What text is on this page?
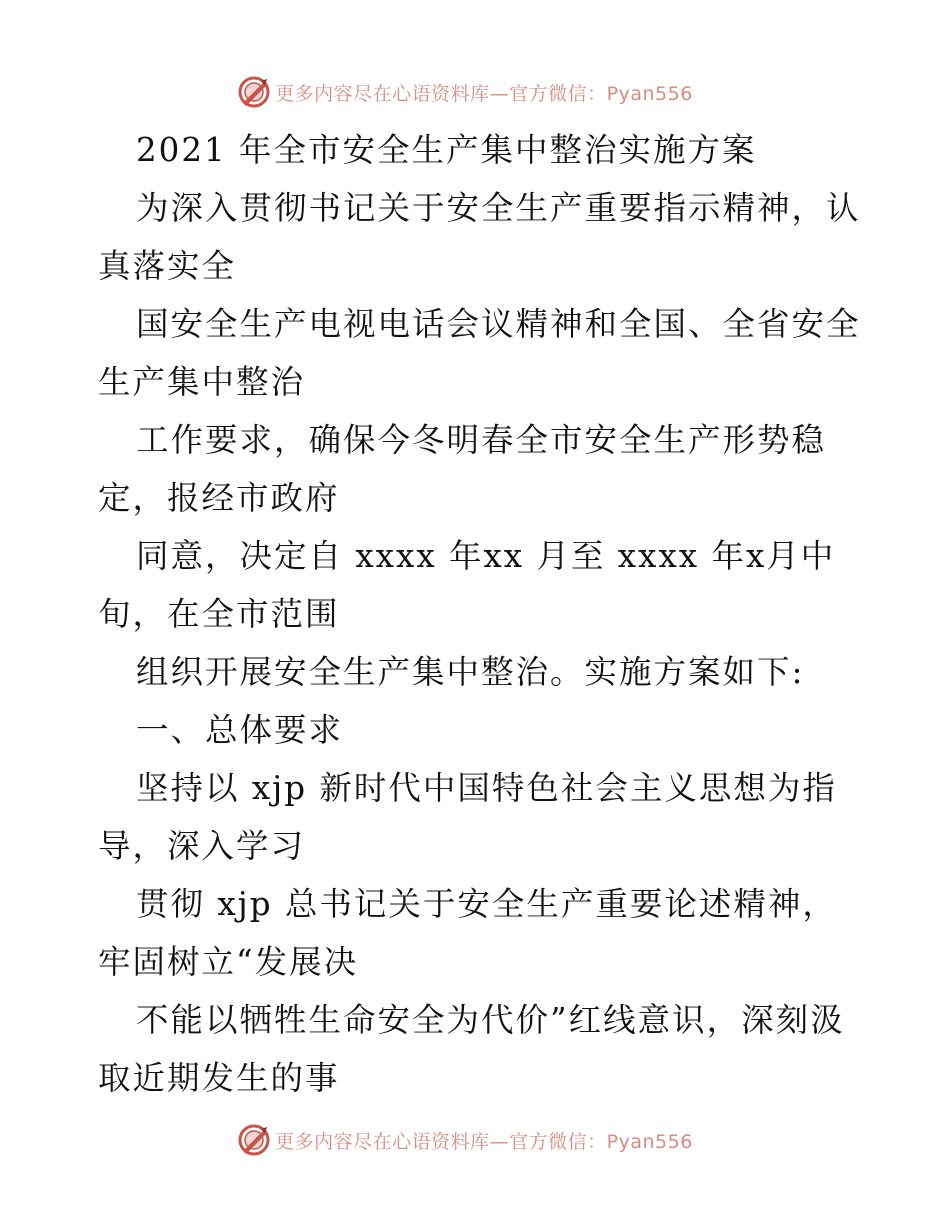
更多内容尽在心语资料库—官方微信：Pyan556
2021 年全市安全生产集中整治实施方案
为深入贯彻书记关于安全生产重要指示精神，认
真落实全
国安全生产电视电话会议精神和全国、全省安全
生产集中整治
工作要求，确保今冬明春全市安全生产形势稳
定，报经市政府
同意，决定自 xxxx 年xx 月至 xxxx 年x月中
旬，在全市范围
组织开展安全生产集中整治。实施方案如下:
一、总体要求
坚持以 xjp 新时代中国特色社会主义思想为指
导，深入学习
贯彻 xjp 总书记关于安全生产重要论述精神，
牢固树立“发展决
不能以牺牲生命安全为代价”红线意识，深刻汲
取近期发生的事
更多内容尽在心语资料库—官方微信：Pyan556
